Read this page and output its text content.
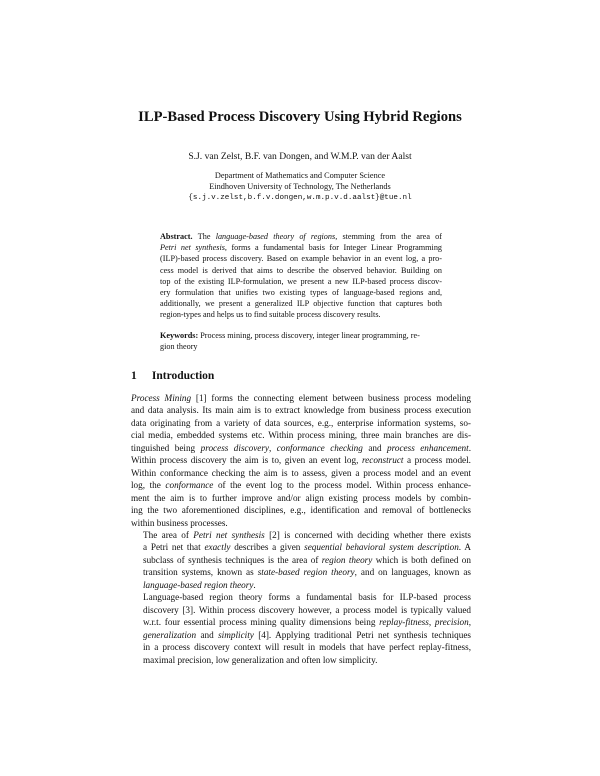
ILP-Based Process Discovery Using Hybrid Regions
S.J. van Zelst, B.F. van Dongen, and W.M.P. van der Aalst
Department of Mathematics and Computer Science
Eindhoven University of Technology, The Netherlands
{s.j.v.zelst,b.f.v.dongen,w.m.p.v.d.aalst}@tue.nl

Abstract. The language-based theory of regions, stemming from the area of
Petri net synthesis, forms a fundamental basis for Integer Linear Programming
(ILP)-based process discovery. Based on example behavior in an event log, a pro-
cess model is derived that aims to describe the observed behavior. Building on
top of the existing ILP-formulation, we present a new ILP-based process discov-
ery formulation that unifies two existing types of language-based regions and,
additionally, we present a generalized ILP objective function that captures both
region-types and helps us to find suitable process discovery results.

Keywords: Process mining, process discovery, integer linear programming, re-
gion theory

1 Introduction

Process Mining [1] forms the connecting element between business process modeling
and data analysis. Its main aim is to extract knowledge from business process execution
data originating from a variety of data sources, e.g., enterprise information systems, so-
cial media, embedded systems etc. Within process mining, three main branches are dis-
tinguished being process discovery, conformance checking and process enhancement.
Within process discovery the aim is to, given an event log, reconstruct a process model.
Within conformance checking the aim is to assess, given a process model and an event
log, the conformance of the event log to the process model. Within process enhance-
ment the aim is to further improve and/or align existing process models by combin-
ing the two aforementioned disciplines, e.g., identification and removal of bottlenecks
within business processes.

The area of Petri net synthesis [2] is concerned with deciding whether there exists
a Petri net that exactly describes a given sequential behavioral system description. A
subclass of synthesis techniques is the area of region theory which is both defined on
transition systems, known as state-based region theory, and on languages, known as
language-based region theory.

Language-based region theory forms a fundamental basis for ILP-based process
discovery [3]. Within process discovery however, a process model is typically valued
w.r.t. four essential process mining quality dimensions being replay-fitness, precision,
generalization and simplicity [4]. Applying traditional Petri net synthesis techniques
in a process discovery context will result in models that have perfect replay-fitness,
maximal precision, low generalization and often low simplicity.
